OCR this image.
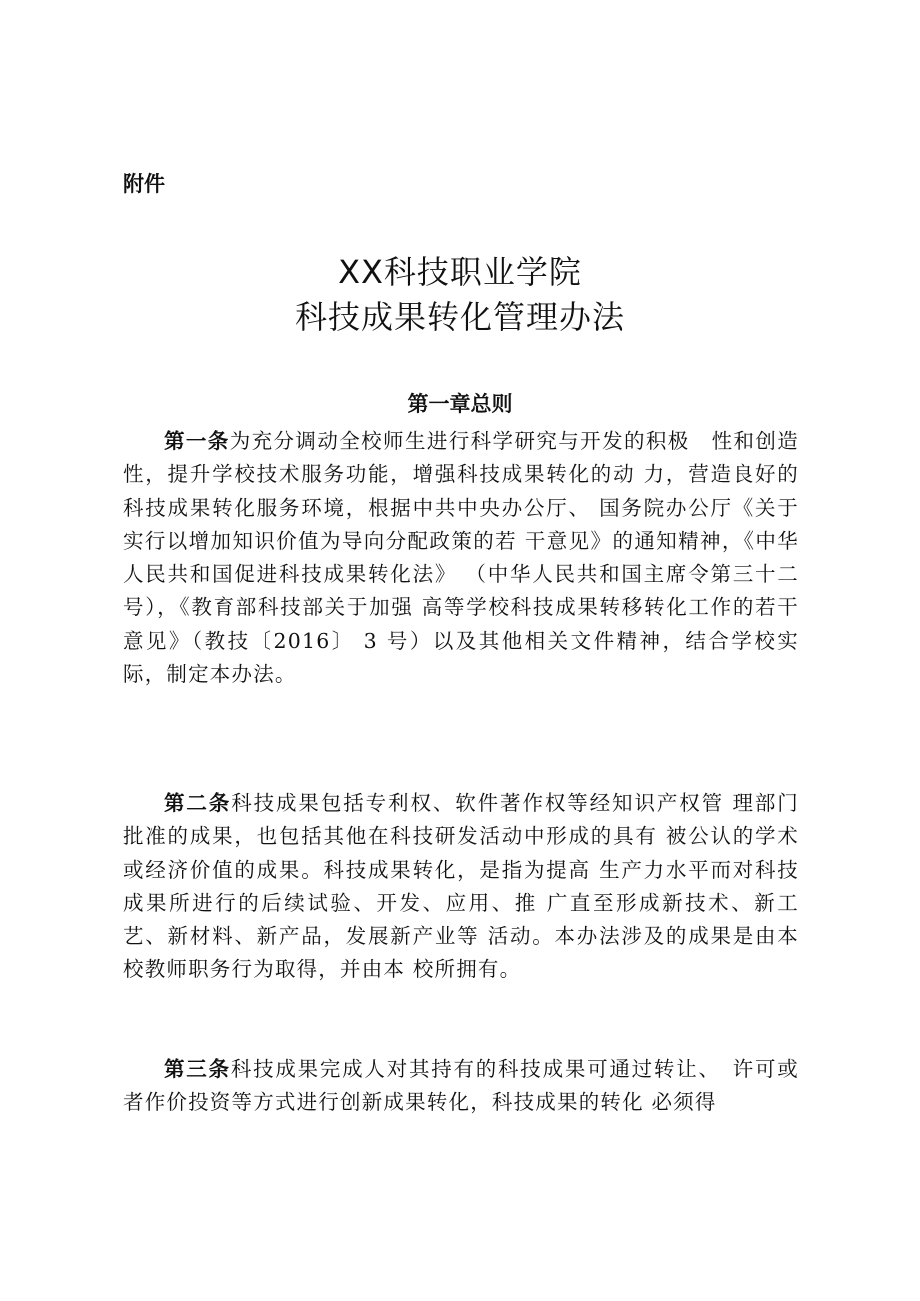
附件
XX科技职业学院
科技成果转化管理办法
第一章总则
第一条为充分调动全校师生进行科学研究与开发的积极　性和创造性，提升学校技术服务功能，增强科技成果转化的动 力，营造良好的科技成果转化服务环境，根据中共中央办公厅、 国务院办公厅《关于实行以增加知识价值为导向分配政策的若 干意见》的通知精神，《中华人民共和国促进科技成果转化法》 （中华人民共和国主席令第三十二号），《教育部科技部关于加强 高等学校科技成果转移转化工作的若干意见》（教技〔2016〕 3 号）以及其他相关文件精神，结合学校实际，制定本办法。
第二条科技成果包括专利权、软件著作权等经知识产权管 理部门批准的成果，也包括其他在科技研发活动中形成的具有 被公认的学术或经济价值的成果。科技成果转化，是指为提高 生产力水平而对科技成果所进行的后续试验、开发、应用、推 广直至形成新技术、新工艺、新材料、新产品，发展新产业等 活动。本办法涉及的成果是由本校教师职务行为取得，并由本 校所拥有。
第三条科技成果完成人对其持有的科技成果可通过转让、　许可或者作价投资等方式进行创新成果转化，科技成果的转化 必须得
